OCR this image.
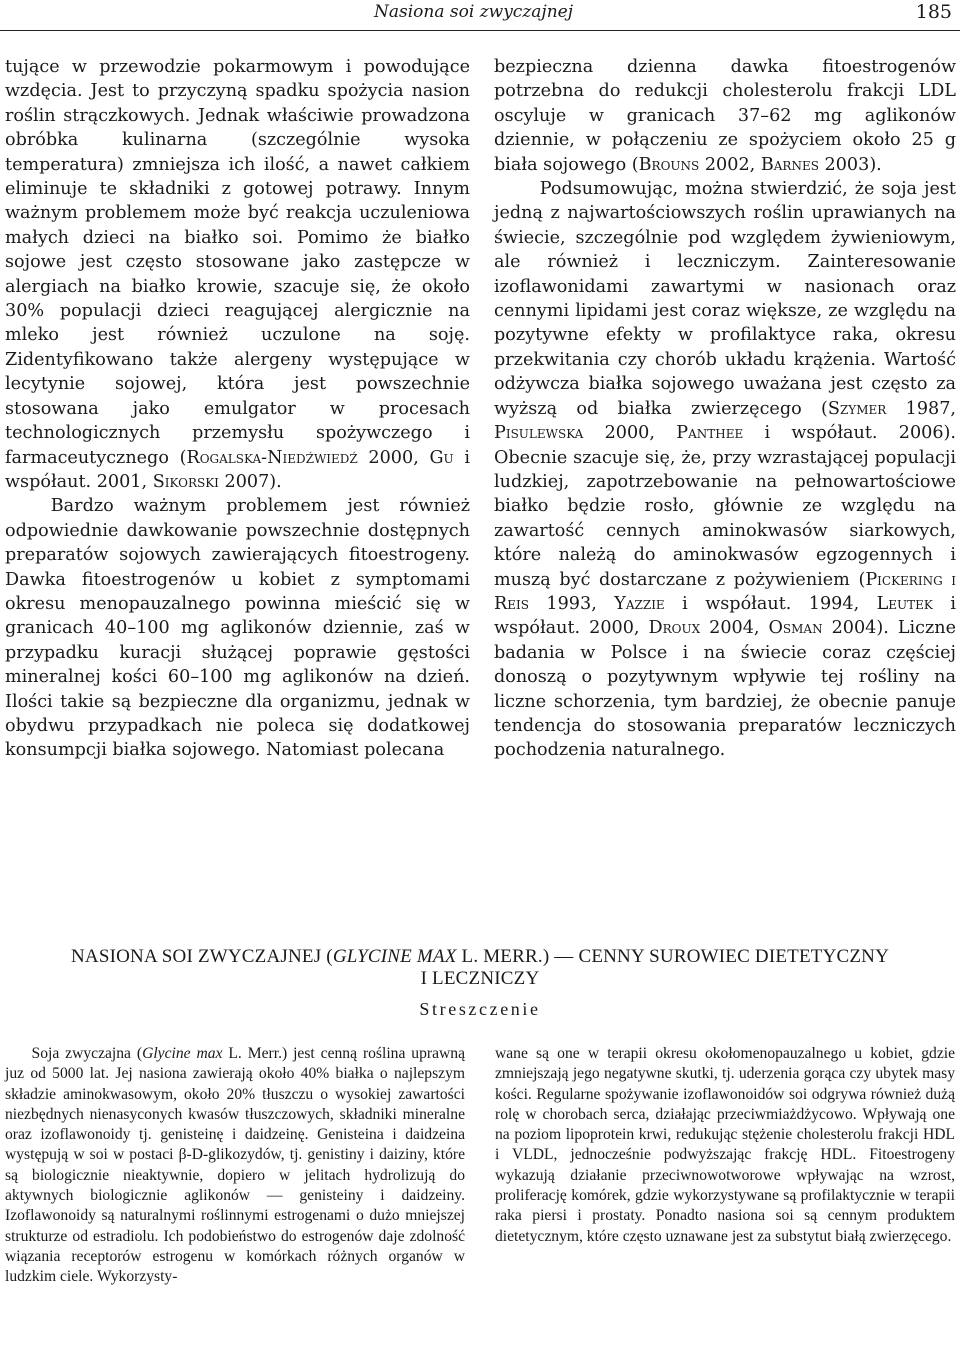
Nasiona soi zwyczajnej	185

tujące w przewodzie pokarmowym i powodujące wzdęcia. Jest to przyczyną spadku spożycia nasion roślin strączkowych. Jednak właściwie prowadzona obróbka kulinarna (szczególnie wysoka temperatura) zmniejsza ich ilość, a nawet całkiem eliminuje te składniki z gotowej potrawy. Innym ważnym problemem może być reakcja uczuleniowa małych dzieci na białko soi. Pomimo że białko sojowe jest często stosowane jako zastępcze w alergiach na białko krowie, szacuje się, że około 30% populacji dzieci reagującej alergicznie na mleko jest również uczulone na soję. Zidentyfikowano także alergeny występujące w lecytynie sojowej, która jest powszechnie stosowana jako emulgator w procesach technologicznych przemysłu spożywczego i farmaceutycznego (Rogalska-Niedźwiedź 2000, Gu i współaut. 2001, Sikorski 2007).

Bardzo ważnym problemem jest również odpowiednie dawkowanie powszechnie dostępnych preparatów sojowych zawierających fitoestrogeny. Dawka fitoestrogenów u kobiet z symptomami okresu menopauzalnego powinna mieścić się w granicach 40–100 mg aglikonów dziennie, zaś w przypadku kuracji służącej poprawie gęstości mineralnej kości 60–100 mg aglikonów na dzień. Ilości takie są bezpieczne dla organizmu, jednak w obydwu przypadkach nie poleca się dodatkowej konsumpcji białka sojowego. Natomiast polecana

bezpieczna dzienna dawka fitoestrogenów potrzebna do redukcji cholesterolu frakcji LDL oscyluje w granicach 37–62 mg aglikonów dziennie, w połączeniu ze spożyciem około 25 g biała sojowego (Brouns 2002, Barnes 2003).

Podsumowując, można stwierdzić, że soja jest jedną z najwartościowszych roślin uprawianych na świecie, szczególnie pod względem żywieniowym, ale również i leczniczym. Zainteresowanie izoflawonidami zawartymi w nasionach oraz cennymi lipidami jest coraz większe, ze względu na pozytywne efekty w profilaktyce raka, okresu przekwitania czy chorób układu krążenia. Wartość odżywcza białka sojowego uważana jest często za wyższą od białka zwierzęcego (Szymer 1987, Pisulewska 2000, Panthee i współaut. 2006). Obecnie szacuje się, że, przy wzrastającej populacji ludzkiej, zapotrzebowanie na pełnowartościowe białko będzie rosło, głównie ze względu na zawartość cennych aminokwasów siarkowych, które należą do aminokwasów egzogennych i muszą być dostarczane z pożywieniem (Pickering i Reis 1993, Yazzie i współaut. 1994, Leutek i współaut. 2000, Droux 2004, Osman 2004). Liczne badania w Polsce i na świecie coraz częściej donoszą o pozytywnym wpływie tej rośliny na liczne schorzenia, tym bardziej, że obecnie panuje tendencja do stosowania preparatów leczniczych pochodzenia naturalnego.

NASIONA SOI ZWYCZAJNEJ (GLYCINE MAX L. MERR.) — CENNY SUROWIEC DIETETYCZNY
I LECZNICZY
Streszczenie

Soja zwyczajna (Glycine max L. Merr.) jest cenną roślina uprawną juz od 5000 lat. Jej nasiona zawierają około 40% białka o najlepszym składzie aminokwasowym, około 20% tłuszczu o wysokiej zawartości niezbędnych nienasyconych kwasów tłuszczowych, składniki mineralne oraz izoflawonoidy tj. genisteinę i daidzeinę. Genisteina i daidzeina występują w soi w postaci β-D-glikozydów, tj. genistiny i daiziny, które są biologicznie nieaktywnie, dopiero w jelitach hydrolizują do aktywnych biologicznie aglikonów — genisteiny i daidzeiny. Izoflawonoidy są naturalnymi roślinnymi estrogenami o dużo mniejszej strukturze od estradiolu. Ich podobieństwo do estrogenów daje zdolność wiązania receptorów estrogenu w komórkach różnych organów w ludzkim ciele. Wykorzysty-

wane są one w terapii okresu okołomenopauzalnego u kobiet, gdzie zmniejszają jego negatywne skutki, tj. uderzenia gorąca czy ubytek masy kości. Regularne spożywanie izoflawonoidów soi odgrywa również dużą rolę w chorobach serca, działając przeciwmiażdżycowo. Wpływają one na poziom lipoprotein krwi, redukując stężenie cholesterolu frakcji HDL i VLDL, jednocześnie podwyższając frakcję HDL. Fitoestrogeny wykazują działanie przeciwnowotworowe wpływając na wzrost, proliferację komórek, gdzie wykorzystywane są profilaktycznie w terapii raka piersi i prostaty. Ponadto nasiona soi są cennym produktem dietetycznym, które często uznawane jest za substytut białą zwierzęcego.
